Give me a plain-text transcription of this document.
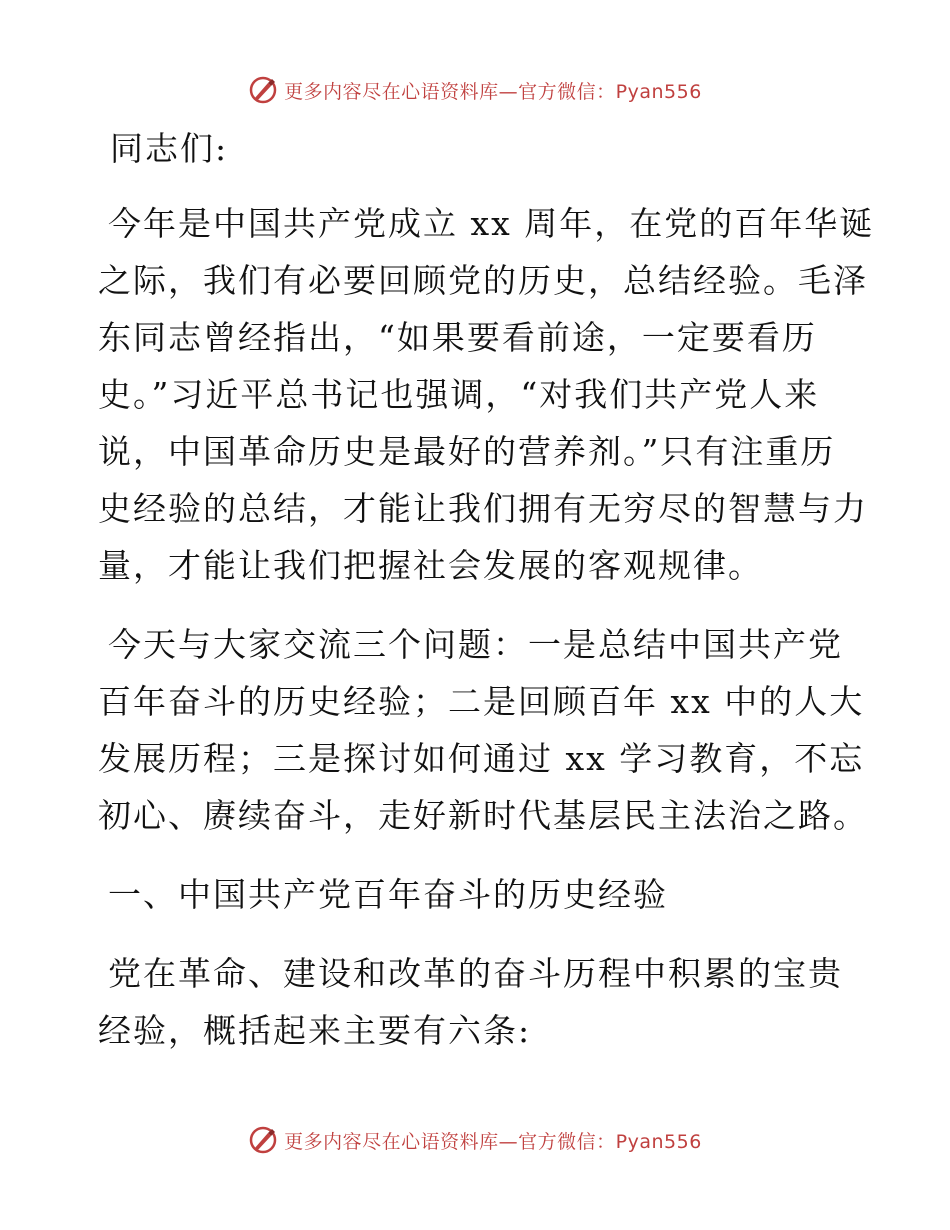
更多内容尽在心语资料库—官方微信：Pyan556
同志们:
今年是中国共产党成立 xx 周年，在党的百年华诞
之际，我们有必要回顾党的历史，总结经验。毛泽
东同志曾经指出，“如果要看前途，一定要看历
史。”习近平总书记也强调，“对我们共产党人来
说，中国革命历史是最好的营养剂。”只有注重历
史经验的总结，才能让我们拥有无穷尽的智慧与力
量，才能让我们把握社会发展的客观规律。
今天与大家交流三个问题：一是总结中国共产党
百年奋斗的历史经验；二是回顾百年 xx 中的人大
发展历程；三是探讨如何通过 xx 学习教育，不忘
初心、赓续奋斗，走好新时代基层民主法治之路。
一、中国共产党百年奋斗的历史经验
党在革命、建设和改革的奋斗历程中积累的宝贵
经验，概括起来主要有六条:
更多内容尽在心语资料库—官方微信：Pyan556
